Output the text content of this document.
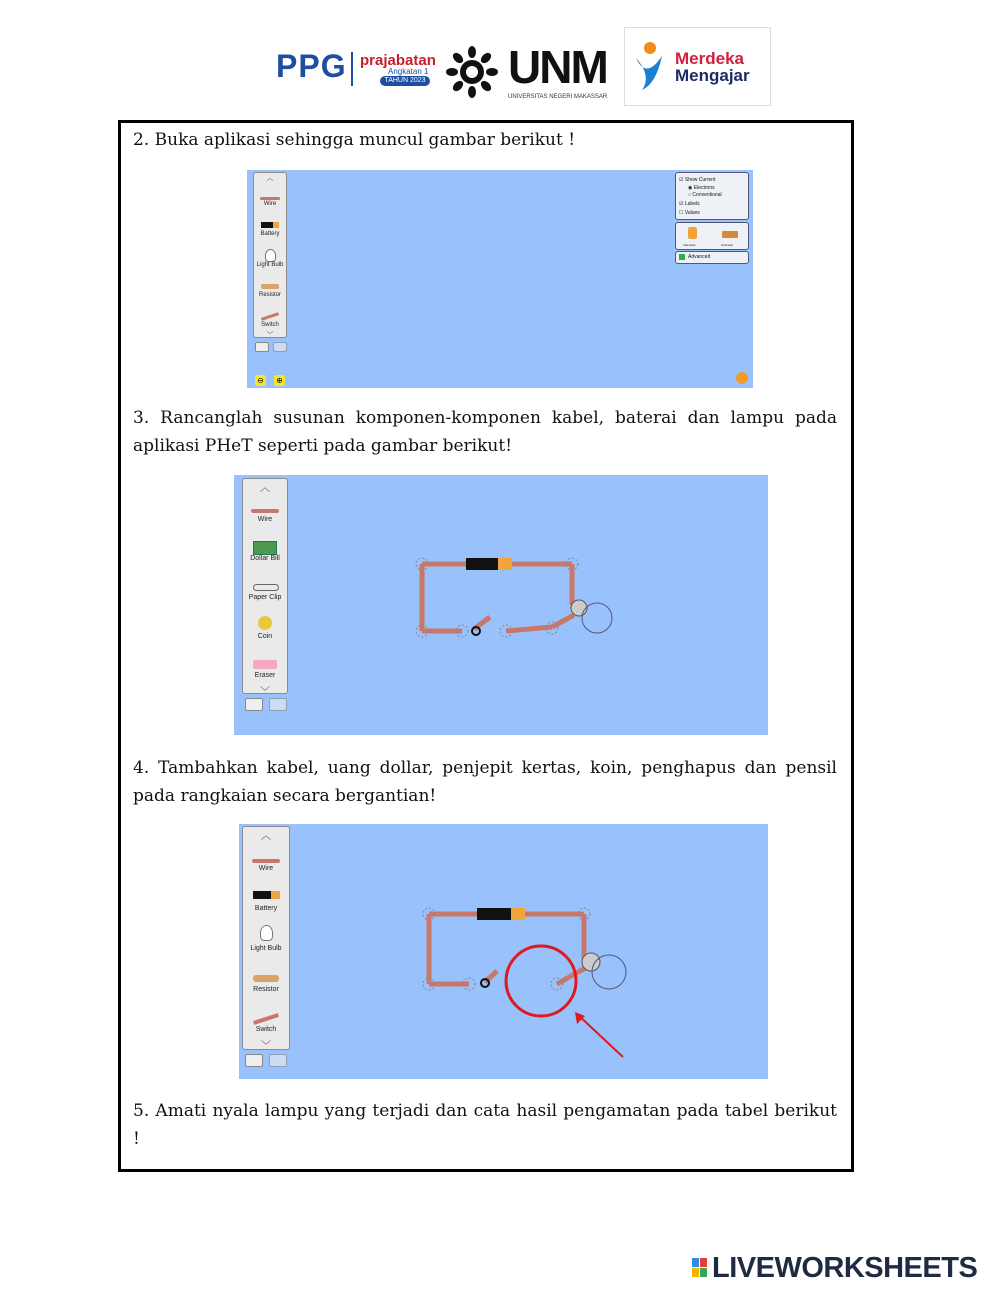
PPG prajabatan
Angkatan 1
TAHUN 2023 UNM
UNIVERSITAS NEGERI MAKASSAR
Merdeka
Mengajar
2. Buka aplikasi sehingga muncul gambar berikut !
︿
Wire
Battery
Light Bulb
Resistor
Switch
﹀
⊖ ⊕
☑ Show Current
◉ Electrons
○ Conventional
☑ Labels
☐ Values
Voltmeter	Ammeter
Advanced
3. Rancanglah susunan komponen-komponen kabel, baterai dan lampu pada aplikasi PHeT seperti pada gambar berikut!
︿
Wire
Dollar Bill
Paper Clip
Coin
Eraser
﹀
4. Tambahkan kabel, uang dollar, penjepit kertas, koin, penghapus dan pensil pada rangkaian secara bergantian!
︿
Wire
Battery
Light Bulb
Resistor
Switch
﹀
5. Amati nyala lampu yang terjadi dan cata hasil pengamatan pada tabel berikut !
LIVEWORKSHEETS
